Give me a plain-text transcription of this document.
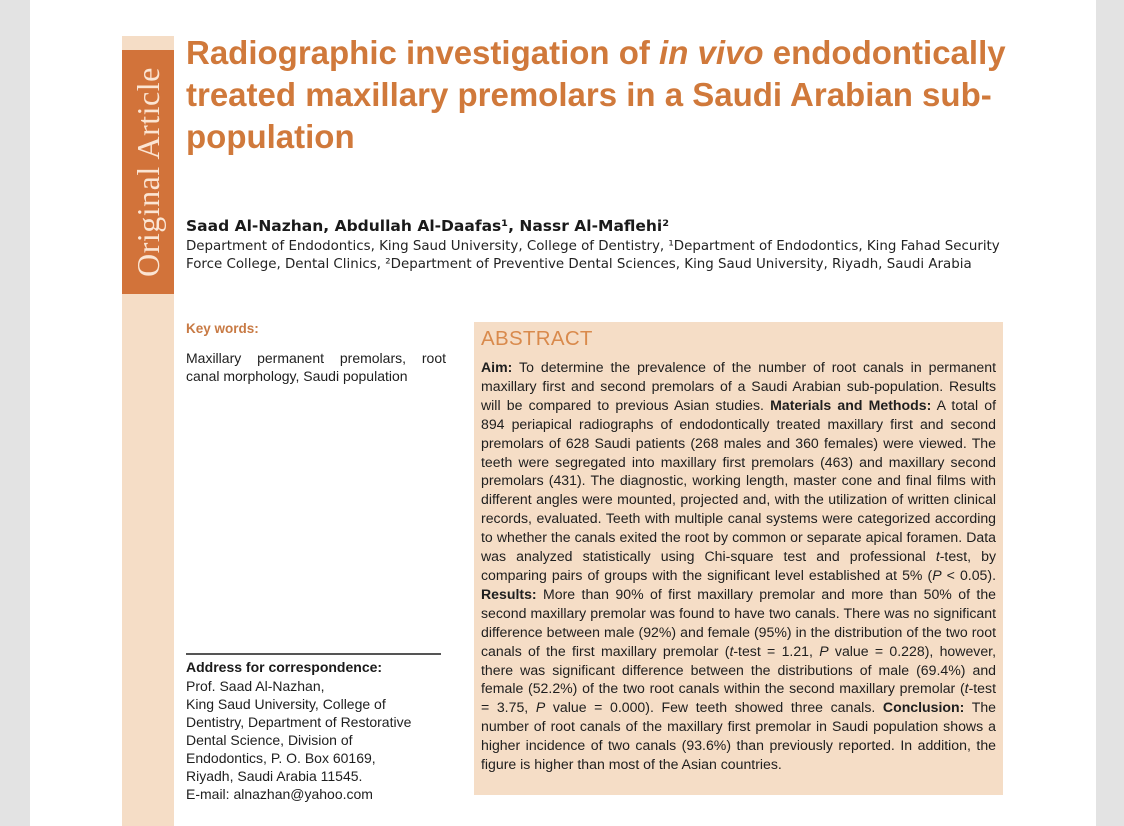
Original Article
Radiographic investigation of in vivo endodontically treated maxillary premolars in a Saudi Arabian sub-population

Saad Al-Nazhan, Abdullah Al-Daafas¹, Nassr Al-Maflehi²

Department of Endodontics, King Saud University, College of Dentistry, ¹Department of Endodontics, King Fahad Security Force College, Dental Clinics, ²Department of Preventive Dental Sciences, King Saud University, Riyadh, Saudi Arabia

Key words:

Maxillary permanent premolars, root canal morphology, Saudi population

Address for correspondence:

Prof. Saad Al-Nazhan,
King Saud University, College of
Dentistry, Department of Restorative
Dental Science, Division of
Endodontics, P. O. Box 60169,
Riyadh, Saudi Arabia 11545.
E-mail: alnazhan@yahoo.com

ABSTRACT

Aim: To determine the prevalence of the number of root canals in permanent maxillary first and second premolars of a Saudi Arabian sub-population. Results will be compared to previous Asian studies. Materials and Methods: A total of 894 periapical radiographs of endodontically treated maxillary first and second premolars of 628 Saudi patients (268 males and 360 females) were viewed. The teeth were segregated into maxillary first premolars (463) and maxillary second premolars (431). The diagnostic, working length, master cone and final films with different angles were mounted, projected and, with the utilization of written clinical records, evaluated. Teeth with multiple canal systems were categorized according to whether the canals exited the root by common or separate apical foramen. Data was analyzed statistically using Chi-square test and professional t-test, by comparing pairs of groups with the significant level established at 5% (P < 0.05). Results: More than 90% of first maxillary premolar and more than 50% of the second maxillary premolar was found to have two canals. There was no significant difference between male (92%) and female (95%) in the distribution of the two root canals of the first maxillary premolar (t-test = 1.21, P value = 0.228), however, there was significant difference between the distributions of male (69.4%) and female (52.2%) of the two root canals within the second maxillary premolar (t-test = 3.75, P value = 0.000). Few teeth showed three canals. Conclusion: The number of root canals of the maxillary first premolar in Saudi population shows a higher incidence of two canals (93.6%) than previously reported. In addition, the figure is higher than most of the Asian countries.
